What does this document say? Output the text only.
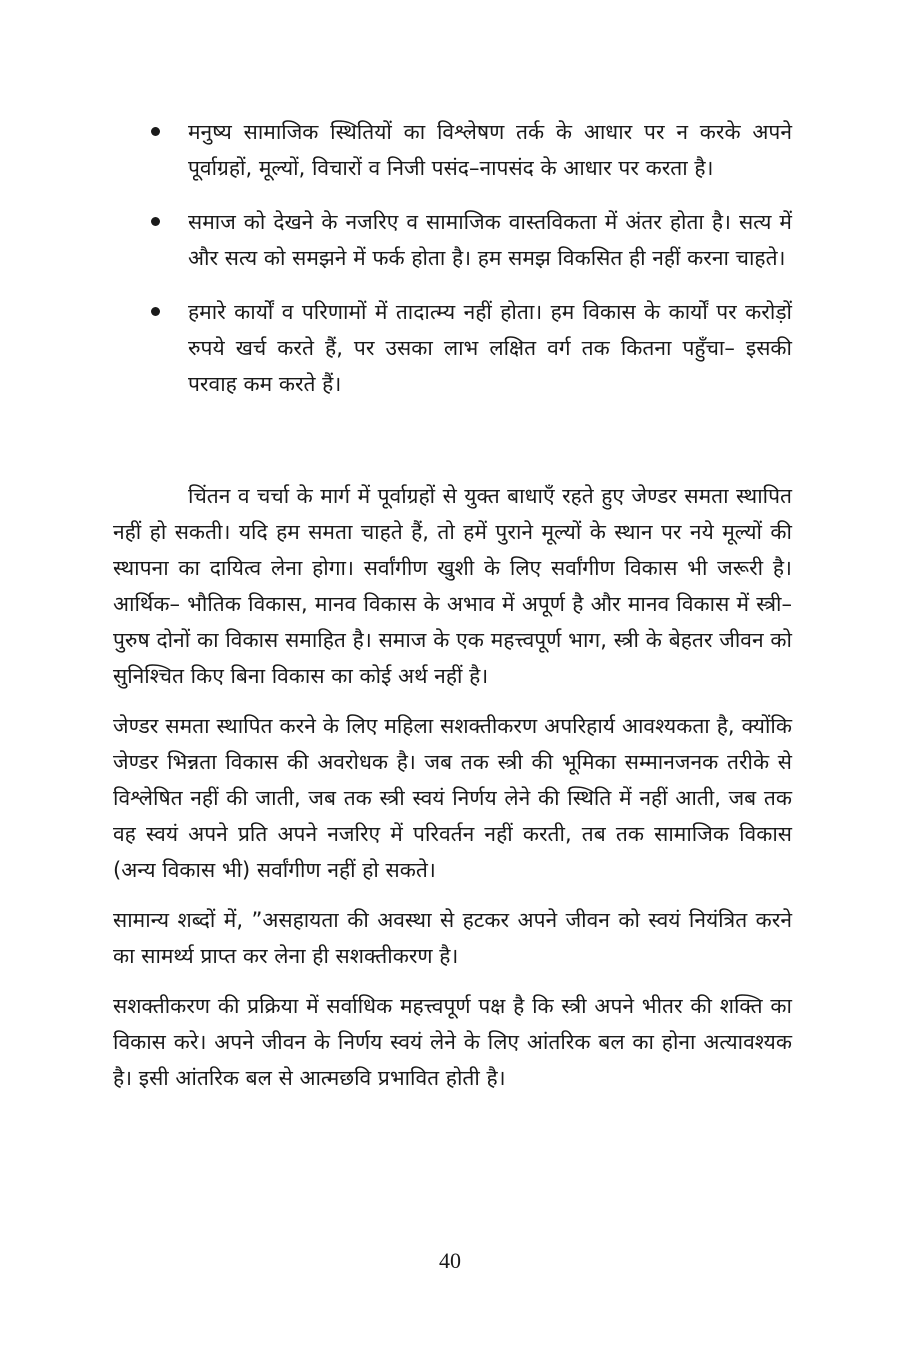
मनुष्य सामाजिक स्थितियों का विश्लेषण तर्क के आधार पर न करके अपने पूर्वाग्रहों, मूल्यों, विचारों व निजी पसंद–नापसंद के आधार पर करता है।
समाज को देखने के नजरिए व सामाजिक वास्तविकता में अंतर होता है। सत्य में और सत्य को समझने में फर्क होता है। हम समझ विकसित ही नहीं करना चाहते।
हमारे कार्यों व परिणामों में तादात्म्य नहीं होता। हम विकास के कार्यों पर करोड़ों रुपये खर्च करते हैं, पर उसका लाभ लक्षित वर्ग तक कितना पहुँचा– इसकी परवाह कम करते हैं।

चिंतन व चर्चा के मार्ग में पूर्वाग्रहों से युक्त बाधाएँ रहते हुए जेण्डर समता स्थापित नहीं हो सकती। यदि हम समता चाहते हैं, तो हमें पुराने मूल्यों के स्थान पर नये मूल्यों की स्थापना का दायित्व लेना होगा। सर्वांगीण खुशी के लिए सर्वांगीण विकास भी जरूरी है। आर्थिक– भौतिक विकास, मानव विकास के अभाव में अपूर्ण है और मानव विकास में स्त्री–पुरुष दोनों का विकास समाहित है। समाज के एक महत्त्वपूर्ण भाग, स्त्री के बेहतर जीवन को सुनिश्चित किए बिना विकास का कोई अर्थ नहीं है।

जेण्डर समता स्थापित करने के लिए महिला सशक्तीकरण अपरिहार्य आवश्यकता है, क्योंकि जेण्डर भिन्नता विकास की अवरोधक है। जब तक स्त्री की भूमिका सम्मानजनक तरीके से विश्लेषित नहीं की जाती, जब तक स्त्री स्वयं निर्णय लेने की स्थिति में नहीं आती, जब तक वह स्वयं अपने प्रति अपने नजरिए में परिवर्तन नहीं करती, तब तक सामाजिक विकास (अन्य विकास भी) सर्वांगीण नहीं हो सकते।

सामान्य शब्दों में, ”असहायता की अवस्था से हटकर अपने जीवन को स्वयं नियंत्रित करने का सामर्थ्य प्राप्त कर लेना ही सशक्तीकरण है।

सशक्तीकरण की प्रक्रिया में सर्वाधिक महत्त्वपूर्ण पक्ष है कि स्त्री अपने भीतर की शक्ति का विकास करे। अपने जीवन के निर्णय स्वयं लेने के लिए आंतरिक बल का होना अत्यावश्यक है। इसी आंतरिक बल से आत्मछवि प्रभावित होती है।

40
